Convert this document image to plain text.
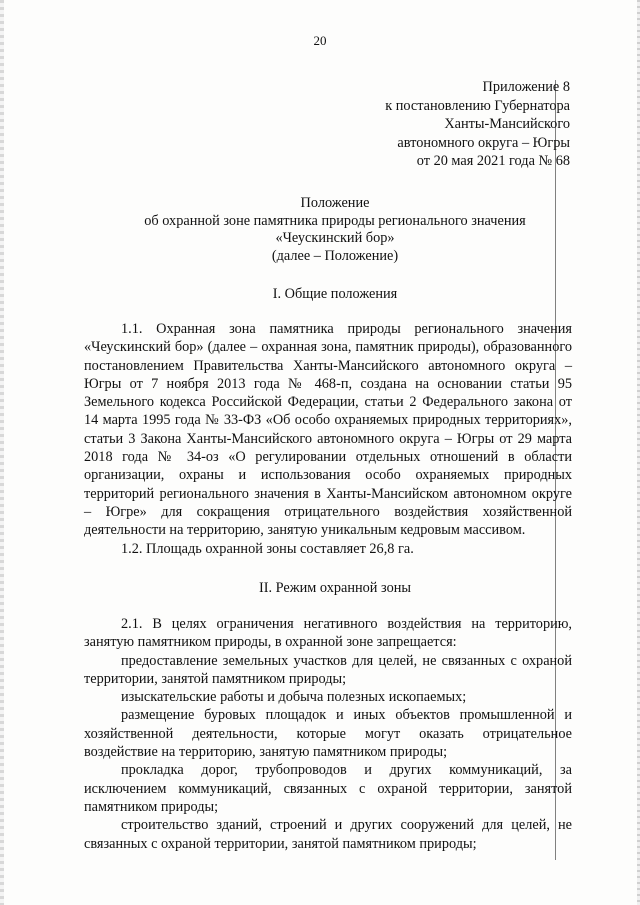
20
Приложение 8
к постановлению Губернатора
Ханты-Мансийского
автономного округа – Югры
от 20 мая 2021 года № 68
Положение
об охранной зоне памятника природы регионального значения
«Чеускинский бор»
(далее – Положение)
I. Общие положения

1.1. Охранная зона памятника природы регионального значения «Чеускинский бор» (далее – охранная зона, памятник природы), образованного постановлением Правительства Ханты-Мансийского автономного округа – Югры от 7 ноября 2013 года № 468-п, создана на основании статьи 95 Земельного кодекса Российской Федерации, статьи 2 Федерального закона от 14 марта 1995 года № 33-ФЗ «Об особо охраняемых природных территориях», статьи 3 Закона Ханты-Мансийского автономного округа – Югры от 29 марта 2018 года № 34-оз «О регулировании отдельных отношений в области организации, охраны и использования особо охраняемых природных территорий регионального значения в Ханты-Мансийском автономном округе – Югре» для сокращения отрицательного воздействия хозяйственной деятельности на территорию, занятую уникальным кедровым массивом.

1.2. Площадь охранной зоны составляет 26,8 га.

II. Режим охранной зоны

2.1. В целях ограничения негативного воздействия на территорию, занятую памятником природы, в охранной зоне запрещается:

предоставление земельных участков для целей, не связанных с охраной территории, занятой памятником природы;

изыскательские работы и добыча полезных ископаемых;

размещение буровых площадок и иных объектов промышленной и хозяйственной деятельности, которые могут оказать отрицательное воздействие на территорию, занятую памятником природы;

прокладка дорог, трубопроводов и других коммуникаций, за исключением коммуникаций, связанных с охраной территории, занятой памятником природы;

строительство зданий, строений и других сооружений для целей, не связанных с охраной территории, занятой памятником природы;
